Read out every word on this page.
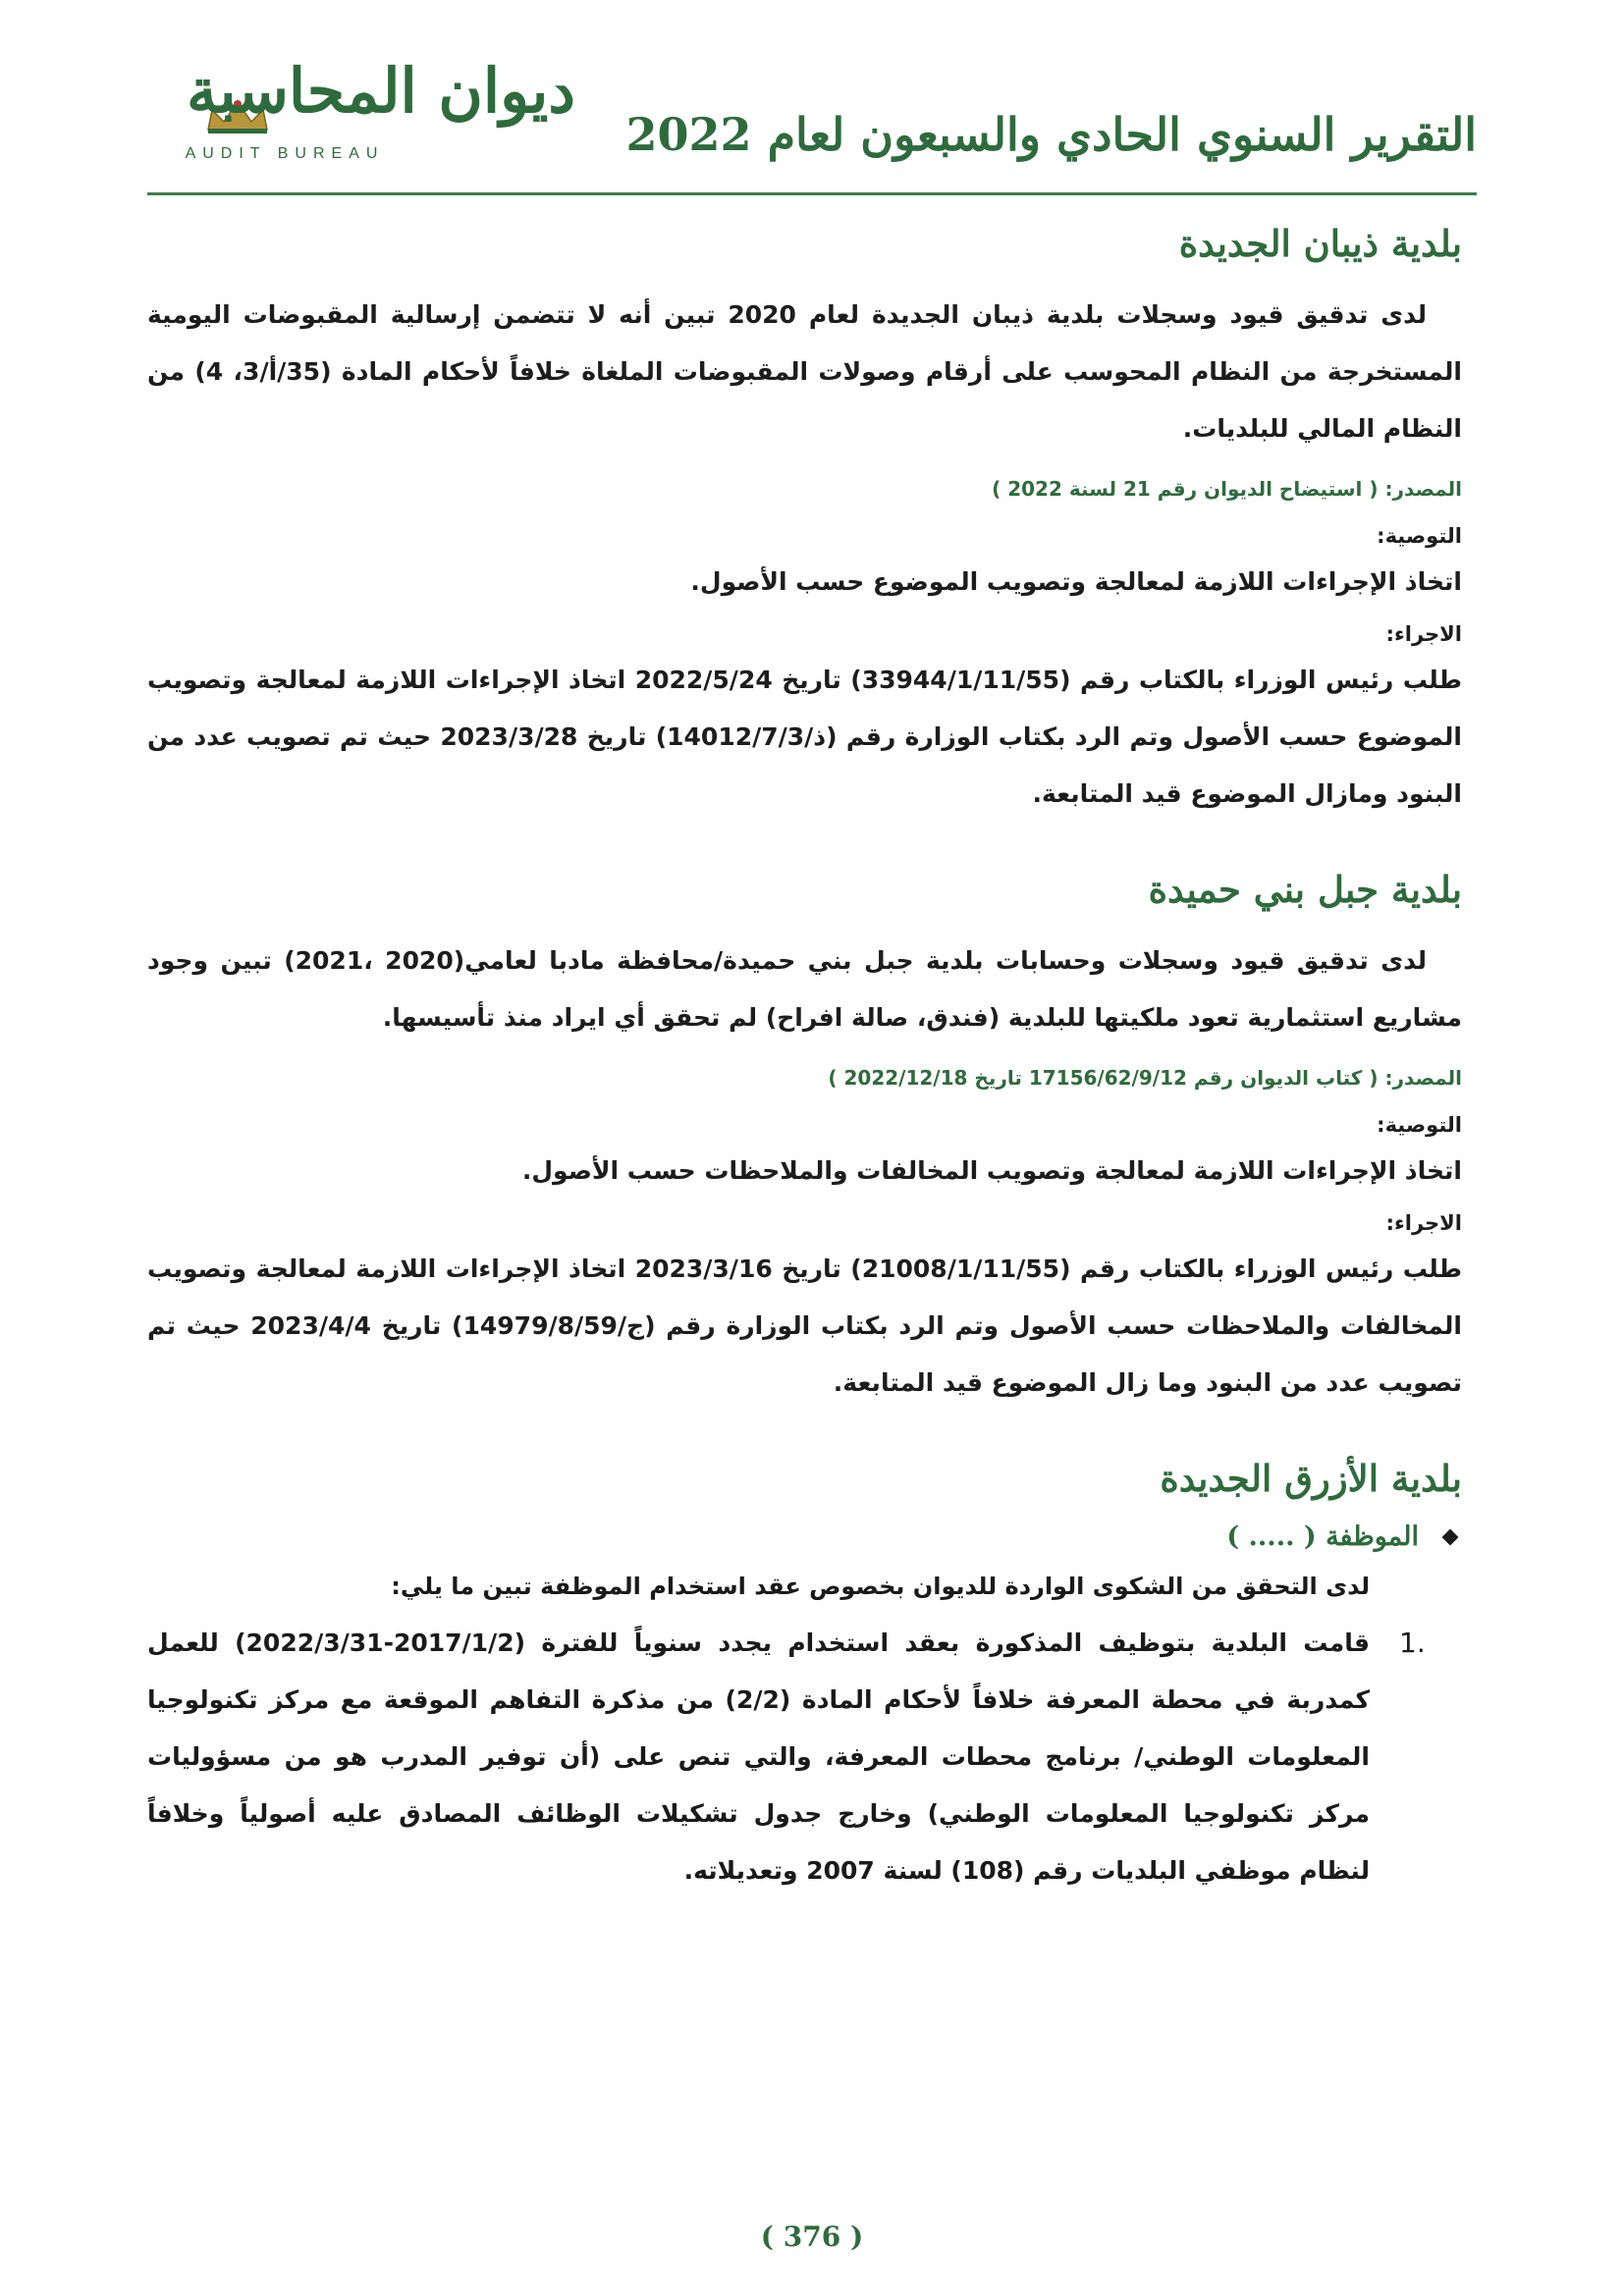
التقرير السنوي الحادي والسبعون لعام 2022
ديوان المحاسبة
AUDIT BUREAU
بلدية ذيبان الجديدة

لدى تدقيق قيود وسجلات بلدية ذيبان الجديدة لعام 2020 تبين أنه لا تتضمن إرسالية المقبوضات اليومية المستخرجة من النظام المحوسب على أرقام وصولات المقبوضات الملغاة خلافاً لأحكام المادة (35/أ/3، 4) من النظام المالي للبلديات.

المصدر: ( استيضاح الديوان رقم 21 لسنة 2022 )
التوصية:

اتخاذ الإجراءات اللازمة لمعالجة وتصويب الموضوع حسب الأصول.

الاجراء:

طلب رئيس الوزراء بالكتاب رقم (33944/1/11/55) تاريخ 2022/5/24 اتخاذ الإجراءات اللازمة لمعالجة وتصويب الموضوع حسب الأصول وتم الرد بكتاب الوزارة رقم (ذ/14012/7/3) تاريخ 2023/3/28 حيث تم تصويب عدد من البنود ومازال الموضوع قيد المتابعة.

بلدية جبل بني حميدة

لدى تدقيق قيود وسجلات وحسابات بلدية جبل بني حميدة/محافظة مادبا لعامي(2020 ،2021) تبين وجود مشاريع استثمارية تعود ملكيتها للبلدية (فندق، صالة افراح) لم تحقق أي ايراد منذ تأسيسها.

المصدر: ( كتاب الديوان رقم 17156/62/9/12 تاريخ 2022/12/18 )
التوصية:

اتخاذ الإجراءات اللازمة لمعالجة وتصويب المخالفات والملاحظات حسب الأصول.

الاجراء:

طلب رئيس الوزراء بالكتاب رقم (21008/1/11/55) تاريخ 2023/3/16 اتخاذ الإجراءات اللازمة لمعالجة وتصويب المخالفات والملاحظات حسب الأصول وتم الرد بكتاب الوزارة رقم (ج/14979/8/59) تاريخ 2023/4/4 حيث تم تصويب عدد من البنود وما زال الموضوع قيد المتابعة.

بلدية الأزرق الجديدة
الموظفة ( ..... )
لدى التحقق من الشكوى الواردة للديوان بخصوص عقد استخدام الموظفة تبين ما يلي:
.1
قامت البلدية بتوظيف المذكورة بعقد استخدام يجدد سنوياً للفترة (2017/1/2-2022/3/31) للعمل كمدربة في محطة المعرفة خلافاً لأحكام المادة (2/2) من مذكرة التفاهم الموقعة مع مركز تكنولوجيا المعلومات الوطني/ برنامج محطات المعرفة، والتي تنص على (أن توفير المدرب هو من مسؤوليات مركز تكنولوجيا المعلومات الوطني) وخارج جدول تشكيلات الوظائف المصادق عليه أصولياً وخلافاً لنظام موظفي البلديات رقم (108) لسنة 2007 وتعديلاته.
( 376 )
